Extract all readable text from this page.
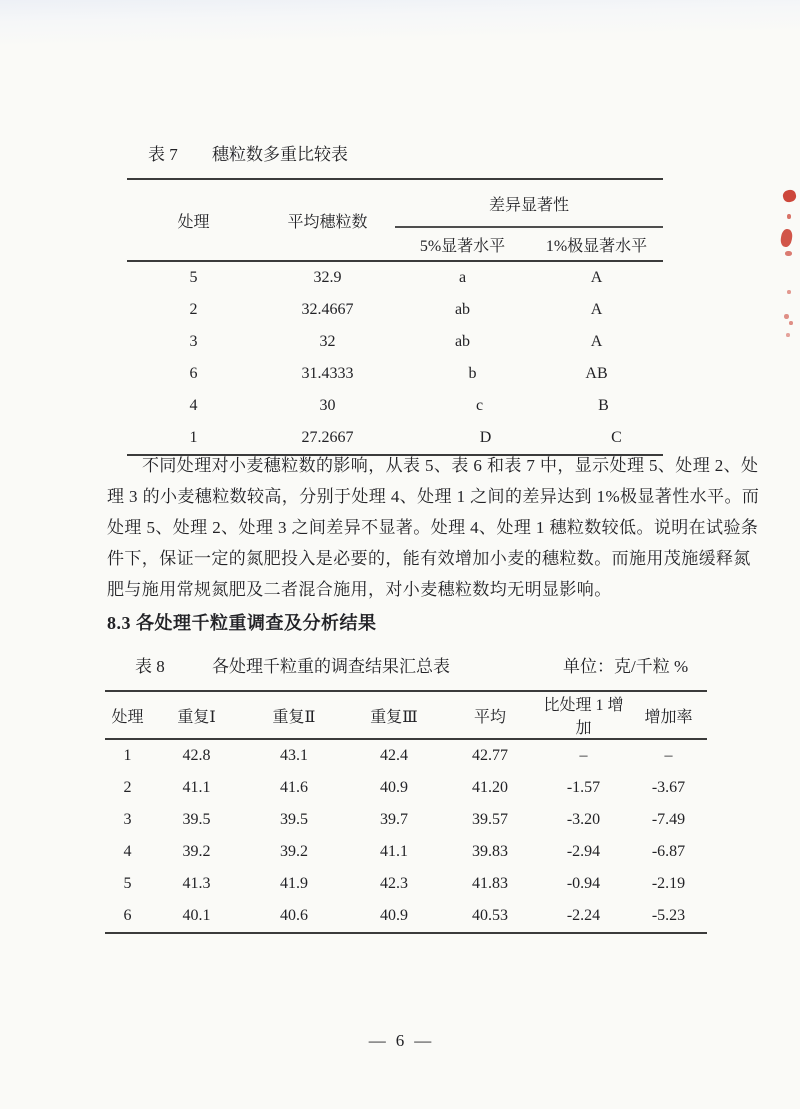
表 7 穗粒数多重比较表
处理	平均穗粒数	差异显著性
5%显著水平	1%极显著水平
5	32.9	a	A
2	32.4667	ab	A
3	32	ab	A
6	31.4333	b	AB
4	30	c	B
1	27.2667	D	C
不同处理对小麦穗粒数的影响，从表 5、表 6 和表 7 中，显示处理 5、处理 2、处
理 3 的小麦穗粒数较高，分别于处理 4、处理 1 之间的差异达到 1%极显著性水平。而
处理 5、处理 2、处理 3 之间差异不显著。处理 4、处理 1 穗粒数较低。说明在试验条
件下，保证一定的氮肥投入是必要的，能有效增加小麦的穗粒数。而施用茂施缓释氮
肥与施用常规氮肥及二者混合施用，对小麦穗粒数均无明显影响。
8.3 各处理千粒重调查及分析结果
表 8	各处理千粒重的调查结果汇总表	单位：克/千粒 %
处理	重复Ⅰ	重复Ⅱ	重复Ⅲ	平均	比处理 1 增加	增加率
1	42.8	43.1	42.4	42.77	–	–
2	41.1	41.6	40.9	41.20	-1.57	-3.67
3	39.5	39.5	39.7	39.57	-3.20	-7.49
4	39.2	39.2	41.1	39.83	-2.94	-6.87
5	41.3	41.9	42.3	41.83	-0.94	-2.19
6	40.1	40.6	40.9	40.53	-2.24	-5.23
— 6 —
